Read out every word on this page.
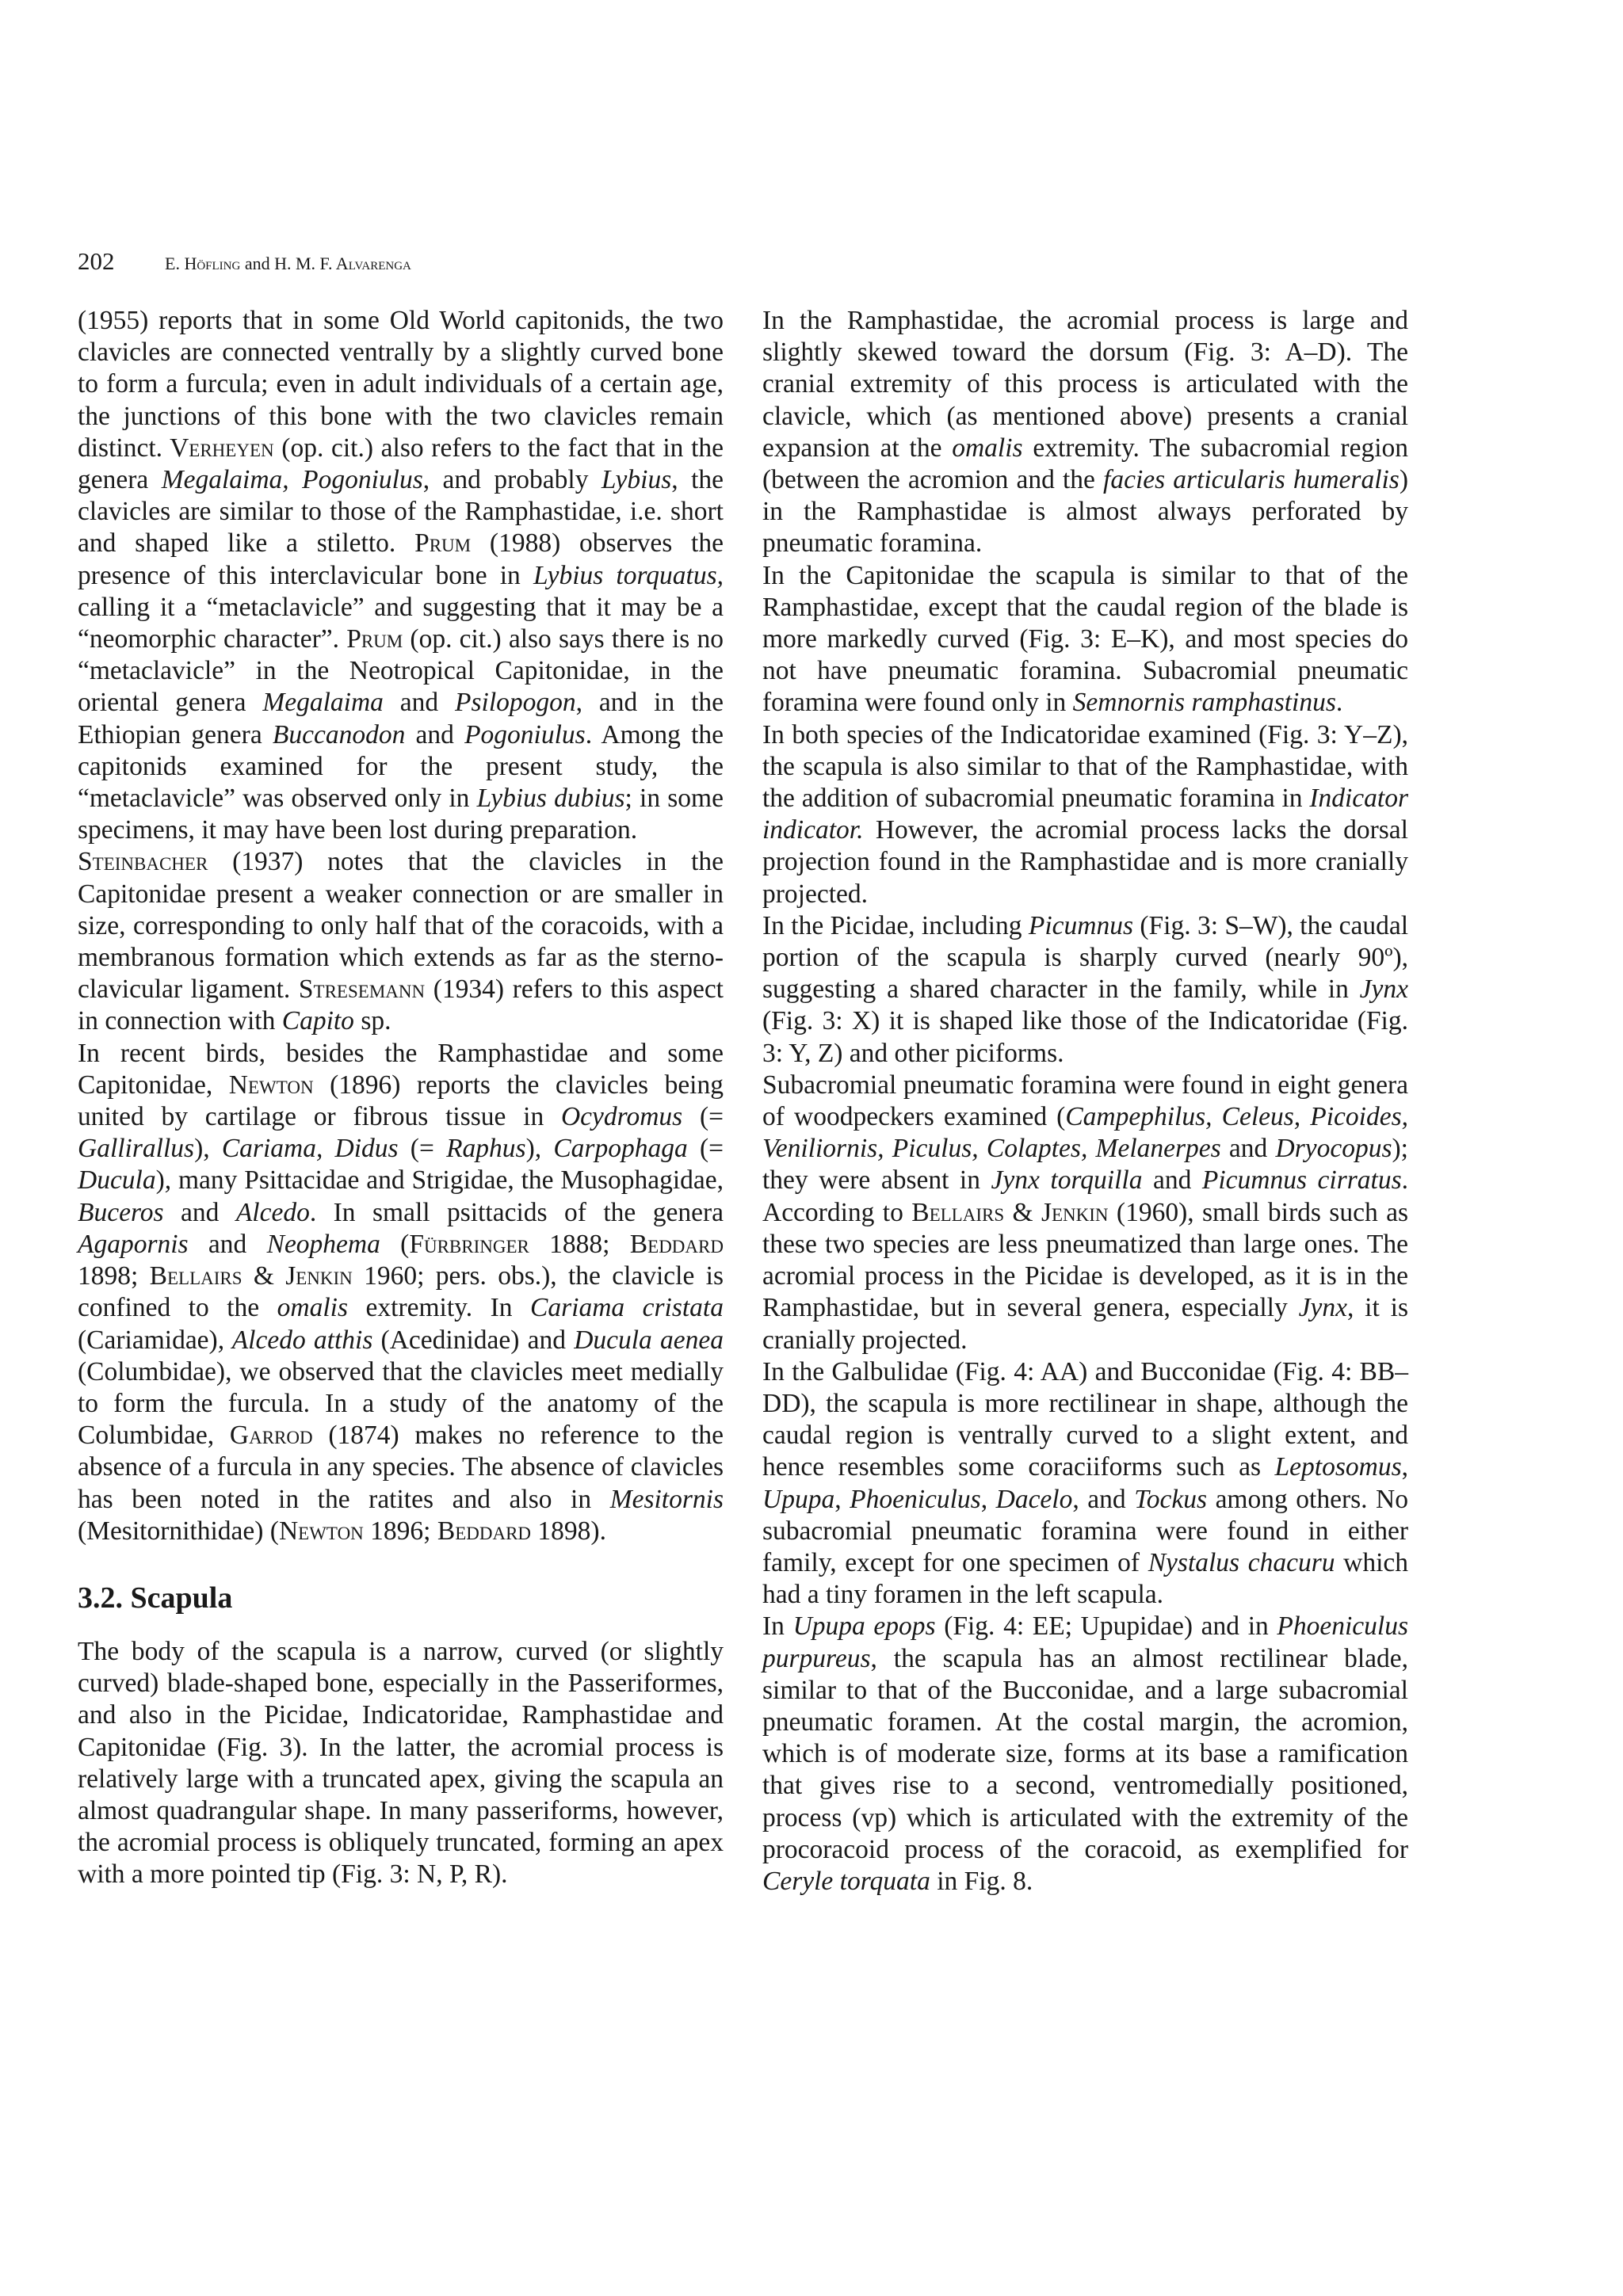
202	E. Höfling and H. M. F. Alvarenga

(1955) reports that in some Old World capitonids, the two clavicles are connected ventrally by a slightly curved bone to form a furcula; even in adult individuals of a certain age, the junctions of this bone with the two clavicles remain distinct. Verheyen (op. cit.) also refers to the fact that in the genera Megalaima, Pogoniulus, and probably Lybius, the clavicles are similar to those of the Ramphastidae, i.e. short and shaped like a stiletto. Prum (1988) observes the presence of this interclavicular bone in Lybius torquatus, calling it a “metaclavicle” and suggesting that it may be a “neomorphic character”. Prum (op. cit.) also says there is no “metaclavicle” in the Neotropical Capitonidae, in the oriental genera Megalaima and Psilopogon, and in the Ethiopian genera Buccanodon and Pogoniulus. Among the capitonids examined for the present study, the “metaclavicle” was observed only in Lybius dubius; in some specimens, it may have been lost during preparation.

Steinbacher (1937) notes that the clavicles in the Capitonidae present a weaker connection or are smaller in size, corresponding to only half that of the coracoids, with a membranous formation which extends as far as the sterno-clavicular ligament. Stresemann (1934) refers to this aspect in connection with Capito sp.

In recent birds, besides the Ramphastidae and some Capitonidae, Newton (1896) reports the clavicles being united by cartilage or fibrous tissue in Ocydromus (= Gallirallus), Cariama, Didus (= Raphus), Carpophaga (= Ducula), many Psittacidae and Strigidae, the Musophagidae, Buceros and Alcedo. In small psittacids of the genera Agapornis and Neophema (Fürbringer 1888; Beddard 1898; Bellairs & Jenkin 1960; pers. obs.), the clavicle is confined to the omalis extremity. In Cariama cristata (Cariamidae), Alcedo atthis (Acedinidae) and Ducula aenea (Columbidae), we observed that the clavicles meet medially to form the furcula. In a study of the anatomy of the Columbidae, Garrod (1874) makes no reference to the absence of a furcula in any species. The absence of clavicles has been noted in the ratites and also in Mesitornis (Mesitornithidae) (Newton 1896; Beddard 1898).

3.2. Scapula

The body of the scapula is a narrow, curved (or slightly curved) blade-shaped bone, especially in the Passeriformes, and also in the Picidae, Indicatoridae, Ramphastidae and Capitonidae (Fig. 3). In the latter, the acromial process is relatively large with a truncated apex, giving the scapula an almost quadrangular shape. In many passeriforms, however, the acromial process is obliquely truncated, forming an apex with a more pointed tip (Fig. 3: N, P, R).

In the Ramphastidae, the acromial process is large and slightly skewed toward the dorsum (Fig. 3: A–D). The cranial extremity of this process is articulated with the clavicle, which (as mentioned above) presents a cranial expansion at the omalis extremity. The subacromial region (between the acromion and the facies articularis humeralis) in the Ramphastidae is almost always perforated by pneumatic foramina.

In the Capitonidae the scapula is similar to that of the Ramphastidae, except that the caudal region of the blade is more markedly curved (Fig. 3: E–K), and most species do not have pneumatic foramina. Subacromial pneumatic foramina were found only in Semnornis ramphastinus.

In both species of the Indicatoridae examined (Fig. 3: Y–Z), the scapula is also similar to that of the Ramphastidae, with the addition of subacromial pneumatic foramina in Indicator indicator. However, the acromial process lacks the dorsal projection found in the Ramphastidae and is more cranially projected.

In the Picidae, including Picumnus (Fig. 3: S–W), the caudal portion of the scapula is sharply curved (nearly 90º), suggesting a shared character in the family, while in Jynx (Fig. 3: X) it is shaped like those of the Indicatoridae (Fig. 3: Y, Z) and other piciforms.

Subacromial pneumatic foramina were found in eight genera of woodpeckers examined (Campephilus, Celeus, Picoides, Veniliornis, Piculus, Colaptes, Melanerpes and Dryocopus); they were absent in Jynx torquilla and Picumnus cirratus. According to Bellairs & Jenkin (1960), small birds such as these two species are less pneumatized than large ones. The acromial process in the Picidae is developed, as it is in the Ramphastidae, but in several genera, especially Jynx, it is cranially projected.

In the Galbulidae (Fig. 4: AA) and Bucconidae (Fig. 4: BB–DD), the scapula is more rectilinear in shape, although the caudal region is ventrally curved to a slight extent, and hence resembles some coraciiforms such as Leptosomus, Upupa, Phoeniculus, Dacelo, and Tockus among others. No subacromial pneumatic foramina were found in either family, except for one specimen of Nystalus chacuru which had a tiny foramen in the left scapula.

In Upupa epops (Fig. 4: EE; Upupidae) and in Phoeniculus purpureus, the scapula has an almost rectilinear blade, similar to that of the Bucconidae, and a large subacromial pneumatic foramen. At the costal margin, the acromion, which is of moderate size, forms at its base a ramification that gives rise to a second, ventromedially positioned, process (vp) which is articulated with the extremity of the procoracoid process of the coracoid, as exemplified for Ceryle torquata in Fig. 8.
